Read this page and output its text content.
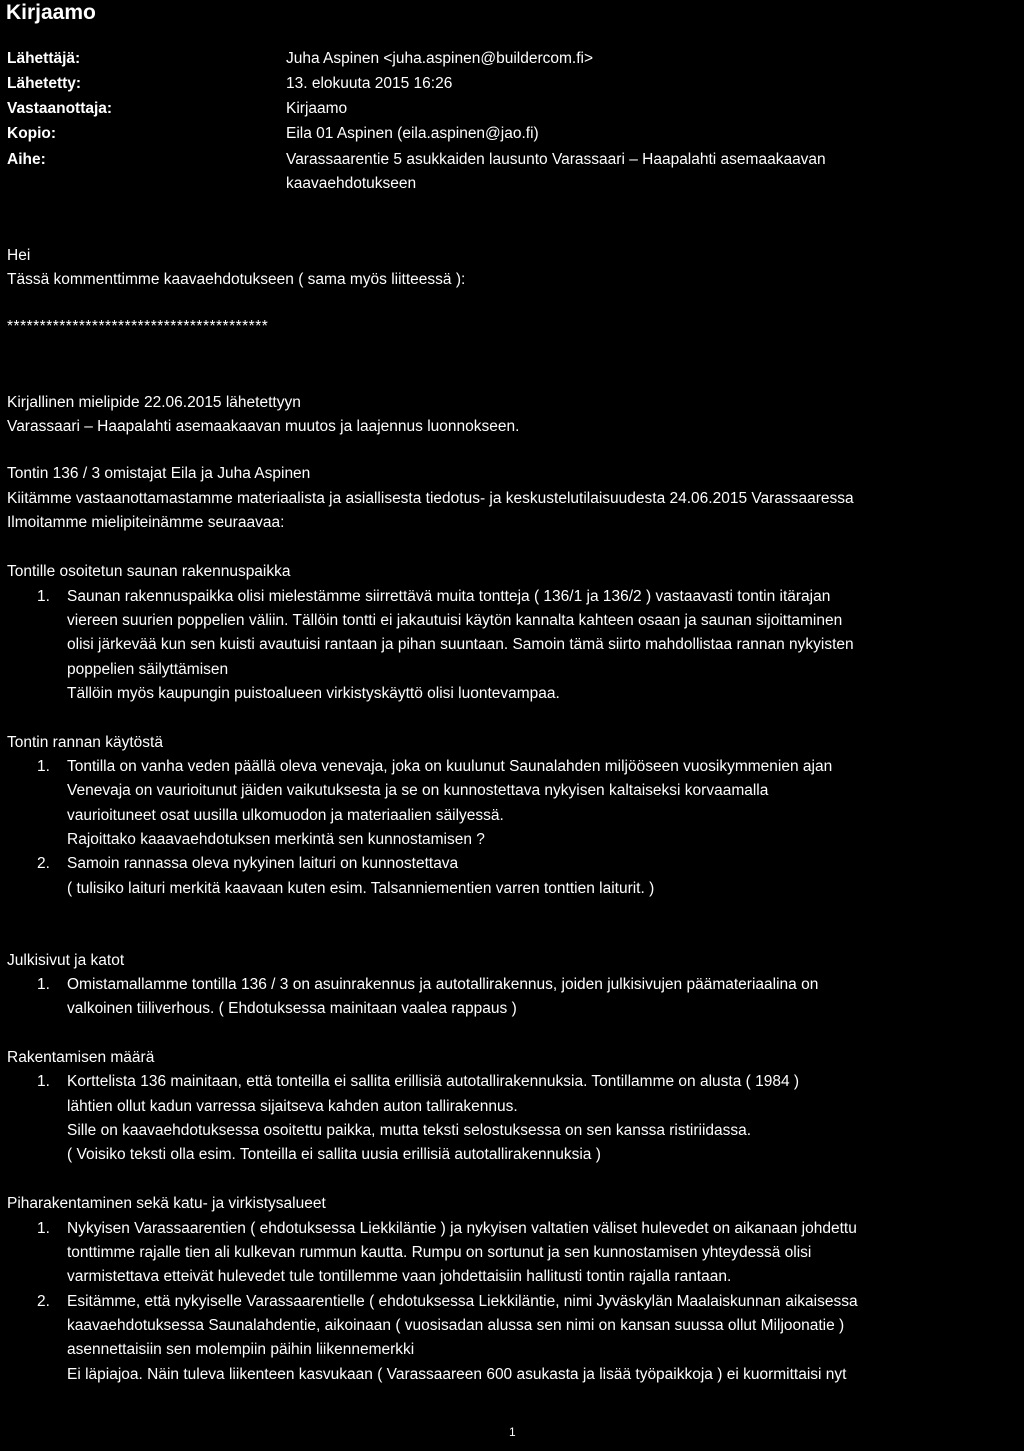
Kirjaamo
Lähettäjä:	Juha Aspinen <juha.aspinen@buildercom.fi>
Lähetetty:	13. elokuuta 2015 16:26
Vastaanottaja:	Kirjaamo
Kopio:	Eila 01 Aspinen (eila.aspinen@jao.fi)
Aihe:	Varassaarentie 5 asukkaiden lausunto Varassaari – Haapalahti asemaakaavan
kaavaehdotukseen
Hei
Tässä kommenttimme kaavaehdotukseen ( sama myös liitteessä ):
****************************************
Kirjallinen mielipide 22.06.2015 lähetettyyn
Varassaari – Haapalahti asemaakaavan muutos ja laajennus luonnokseen.
Tontin 136 / 3 omistajat Eila ja Juha Aspinen
Kiitämme vastaanottamastamme materiaalista ja asiallisesta tiedotus- ja keskustelutilaisuudesta 24.06.2015 Varassaaressa
Ilmoitamme mielipiteinämme seuraavaa:
Tontille osoitetun saunan rakennuspaikka
1. Saunan rakennuspaikka olisi mielestämme siirrettävä muita tontteja ( 136/1 ja 136/2 ) vastaavasti tontin itärajan
viereen suurien poppelien väliin. Tällöin tontti ei jakautuisi käytön kannalta kahteen osaan ja saunan sijoittaminen
olisi järkevää kun sen kuisti avautuisi rantaan ja pihan suuntaan. Samoin tämä siirto mahdollistaa rannan nykyisten
poppelien säilyttämisen
Tällöin myös kaupungin puistoalueen virkistyskäyttö olisi luontevampaa.
Tontin rannan käytöstä
1. Tontilla on vanha veden päällä oleva venevaja, joka on kuulunut Saunalahden miljööseen vuosikymmenien ajan
Venevaja on vaurioitunut jäiden vaikutuksesta ja se on kunnostettava nykyisen kaltaiseksi korvaamalla
vaurioituneet osat uusilla ulkomuodon ja materiaalien säilyessä.
Rajoittako kaaavaehdotuksen merkintä sen kunnostamisen ?
2. Samoin rannassa oleva nykyinen laituri on kunnostettava
( tulisiko laituri merkitä kaavaan kuten esim. Talsanniementien varren tonttien laiturit. )
Julkisivut ja katot
1. Omistamallamme tontilla 136 / 3 on asuinrakennus ja autotallirakennus, joiden julkisivujen päämateriaalina on
valkoinen tiiliverhous. ( Ehdotuksessa mainitaan vaalea rappaus )
Rakentamisen määrä
1. Korttelista 136 mainitaan, että tonteilla ei sallita erillisiä autotallirakennuksia. Tontillamme on alusta ( 1984 )
lähtien ollut kadun varressa sijaitseva kahden auton tallirakennus.
Sille on kaavaehdotuksessa osoitettu paikka, mutta teksti selostuksessa on sen kanssa ristiriidassa.
( Voisiko teksti olla esim. Tonteilla ei sallita uusia erillisiä autotallirakennuksia )
Piharakentaminen sekä katu- ja virkistysalueet
1. Nykyisen Varassaarentien ( ehdotuksessa Liekkiläntie ) ja nykyisen valtatien väliset hulevedet on aikanaan johdettu
tonttimme rajalle tien ali kulkevan rummun kautta. Rumpu on sortunut ja sen kunnostamisen yhteydessä olisi
varmistettava etteivät hulevedet tule tontillemme vaan johdettaisiin hallitusti tontin rajalla rantaan.
2. Esitämme, että nykyiselle Varassaarentielle ( ehdotuksessa Liekkiläntie, nimi Jyväskylän Maalaiskunnan aikaisessa
kaavaehdotuksessa Saunalahdentie, aikoinaan ( vuosisadan alussa sen nimi on kansan suussa ollut Miljoonatie )
asennettaisiin sen molempiin päihin liikennemerkki
Ei läpiajoa. Näin tuleva liikenteen kasvukaan ( Varassaareen 600 asukasta ja lisää työpaikkoja ) ei kuormittaisi nyt
1
